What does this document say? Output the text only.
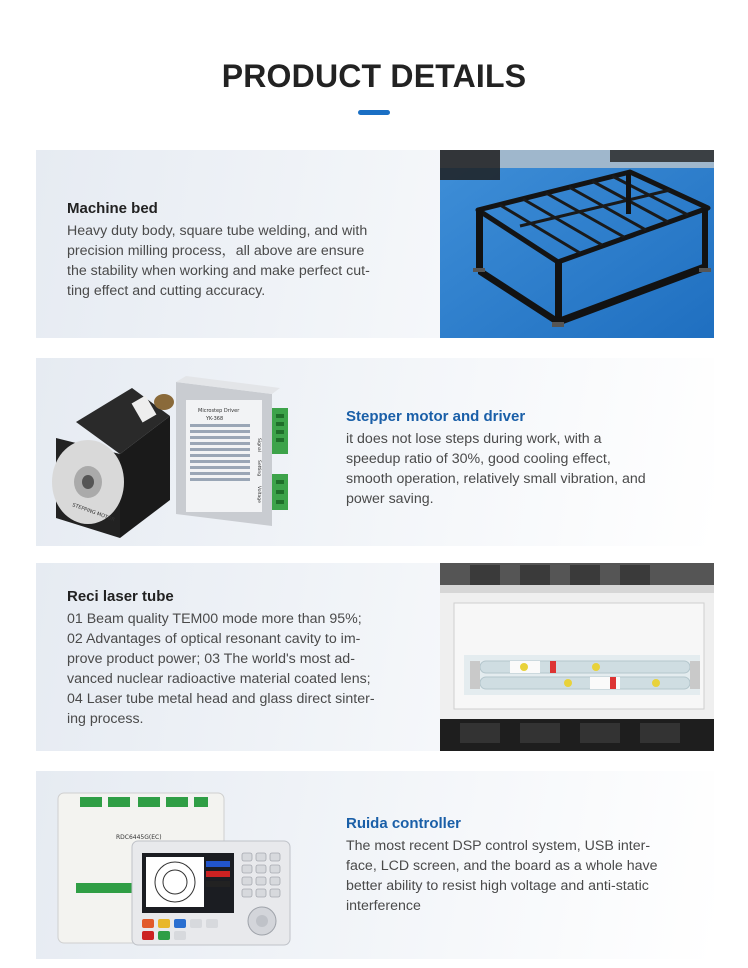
PRODUCT DETAILS
Machine bed
Heavy duty body, square tube welding, and with
precision milling process，all above are ensure
the stability when working and make perfect cut-
ting effect and cutting accuracy.
STEPPING MOTOR
Microstep Driver
YK-368
Signal
Setting
Voltage
Stepper motor and driver
it does not lose steps during work, with a
speedup ratio of 30%, good cooling effect,
smooth operation, relatively small vibration, and
power saving.
Reci laser tube
01 Beam quality TEM00 mode more than 95%;
02 Advantages of optical resonant cavity to im-
prove product power; 03 The world's most ad-
vanced nuclear radioactive material coated lens;
04 Laser tube metal head and glass direct sinter-
ing process.
RDC6445G(EC)
Ruida controller
The most recent DSP control system, USB inter-
face, LCD screen, and the board as a whole have
better ability to resist high voltage and anti-static
interference
